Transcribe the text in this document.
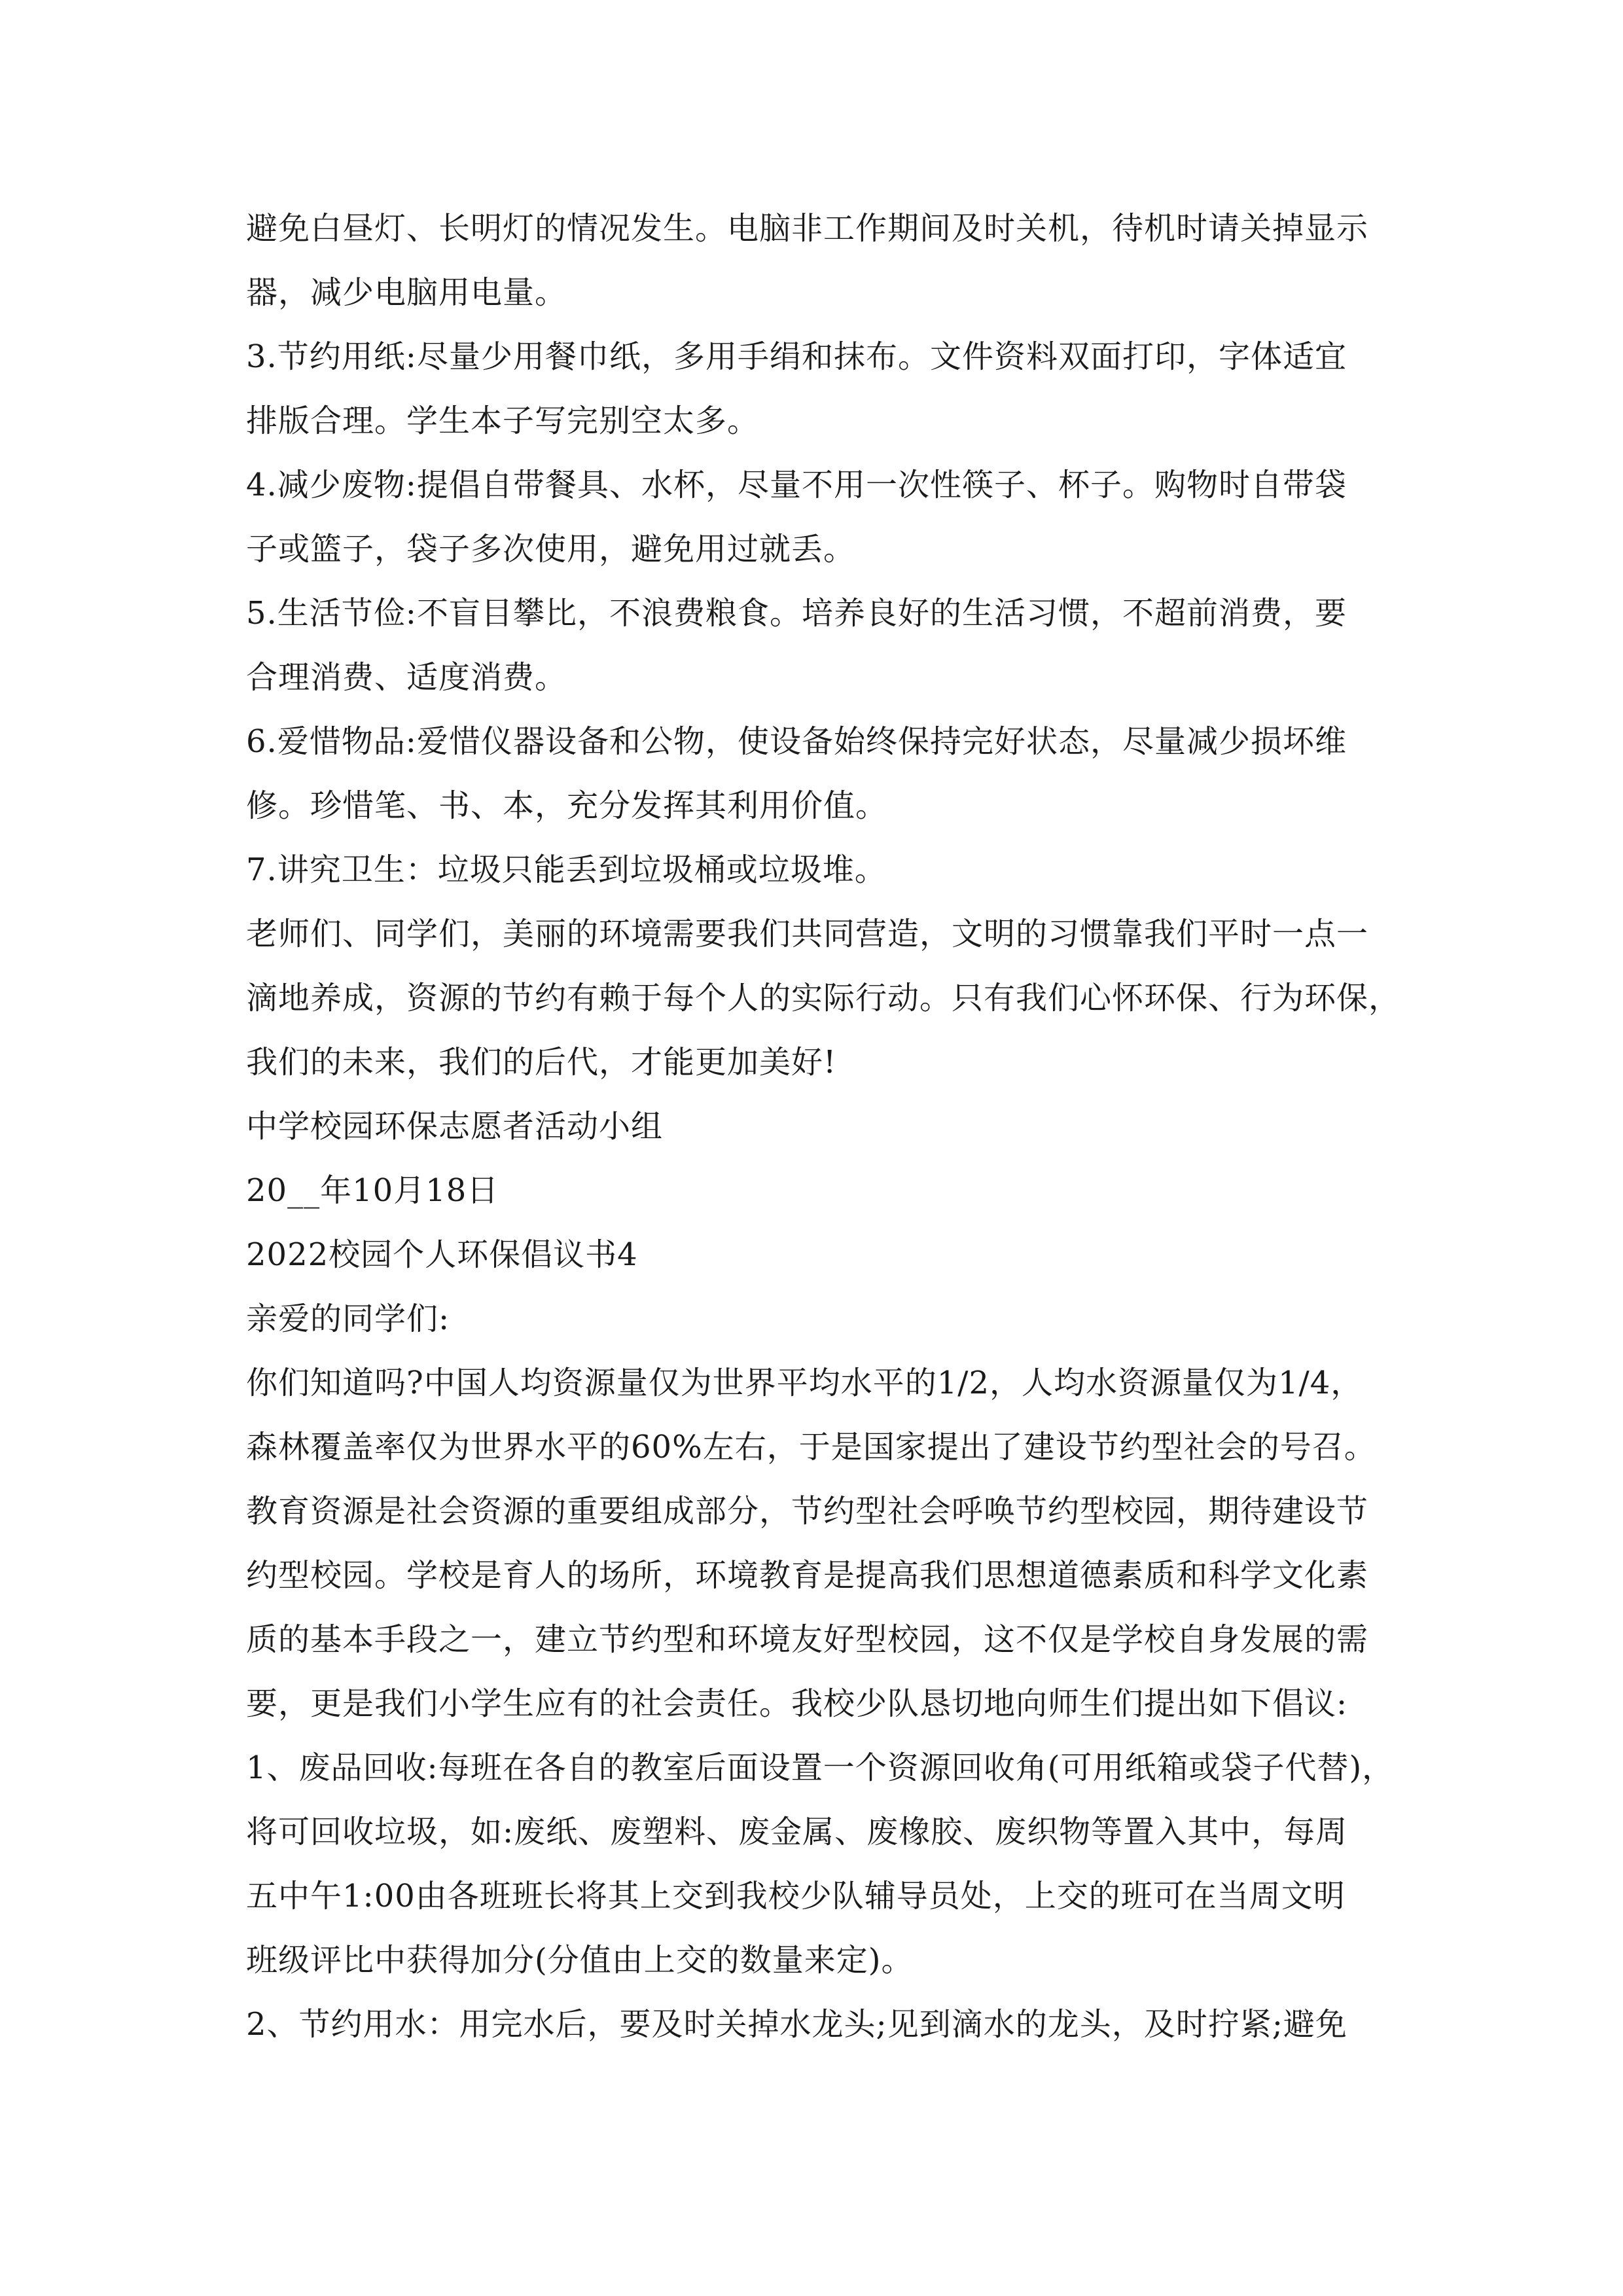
避免白昼灯、长明灯的情况发生。电脑非工作期间及时关机，待机时请关掉显示
器，减少电脑用电量。
3.节约用纸:尽量少用餐巾纸，多用手绢和抹布。文件资料双面打印，字体适宜
排版合理。学生本子写完别空太多。
4.减少废物:提倡自带餐具、水杯，尽量不用一次性筷子、杯子。购物时自带袋
子或篮子，袋子多次使用，避免用过就丢。
5.生活节俭:不盲目攀比，不浪费粮食。培养良好的生活习惯，不超前消费，要
合理消费、适度消费。
6.爱惜物品:爱惜仪器设备和公物，使设备始终保持完好状态，尽量减少损坏维
修。珍惜笔、书、本，充分发挥其利用价值。
7.讲究卫生：垃圾只能丢到垃圾桶或垃圾堆。
老师们、同学们，美丽的环境需要我们共同营造，文明的习惯靠我们平时一点一
滴地养成，资源的节约有赖于每个人的实际行动。只有我们心怀环保、行为环保，
我们的未来，我们的后代，才能更加美好!
中学校园环保志愿者活动小组
20__年10月18日
2022校园个人环保倡议书4
亲爱的同学们:
你们知道吗?中国人均资源量仅为世界平均水平的1/2，人均水资源量仅为1/4，
森林覆盖率仅为世界水平的60%左右，于是国家提出了建设节约型社会的号召。
教育资源是社会资源的重要组成部分，节约型社会呼唤节约型校园，期待建设节
约型校园。学校是育人的场所，环境教育是提高我们思想道德素质和科学文化素
质的基本手段之一，建立节约型和环境友好型校园，这不仅是学校自身发展的需
要，更是我们小学生应有的社会责任。我校少队恳切地向师生们提出如下倡议:
1、废品回收:每班在各自的教室后面设置一个资源回收角(可用纸箱或袋子代替)，
将可回收垃圾，如:废纸、废塑料、废金属、废橡胶、废织物等置入其中，每周
五中午1:00由各班班长将其上交到我校少队辅导员处，上交的班可在当周文明
班级评比中获得加分(分值由上交的数量来定)。
2、节约用水：用完水后，要及时关掉水龙头;见到滴水的龙头，及时拧紧;避免
